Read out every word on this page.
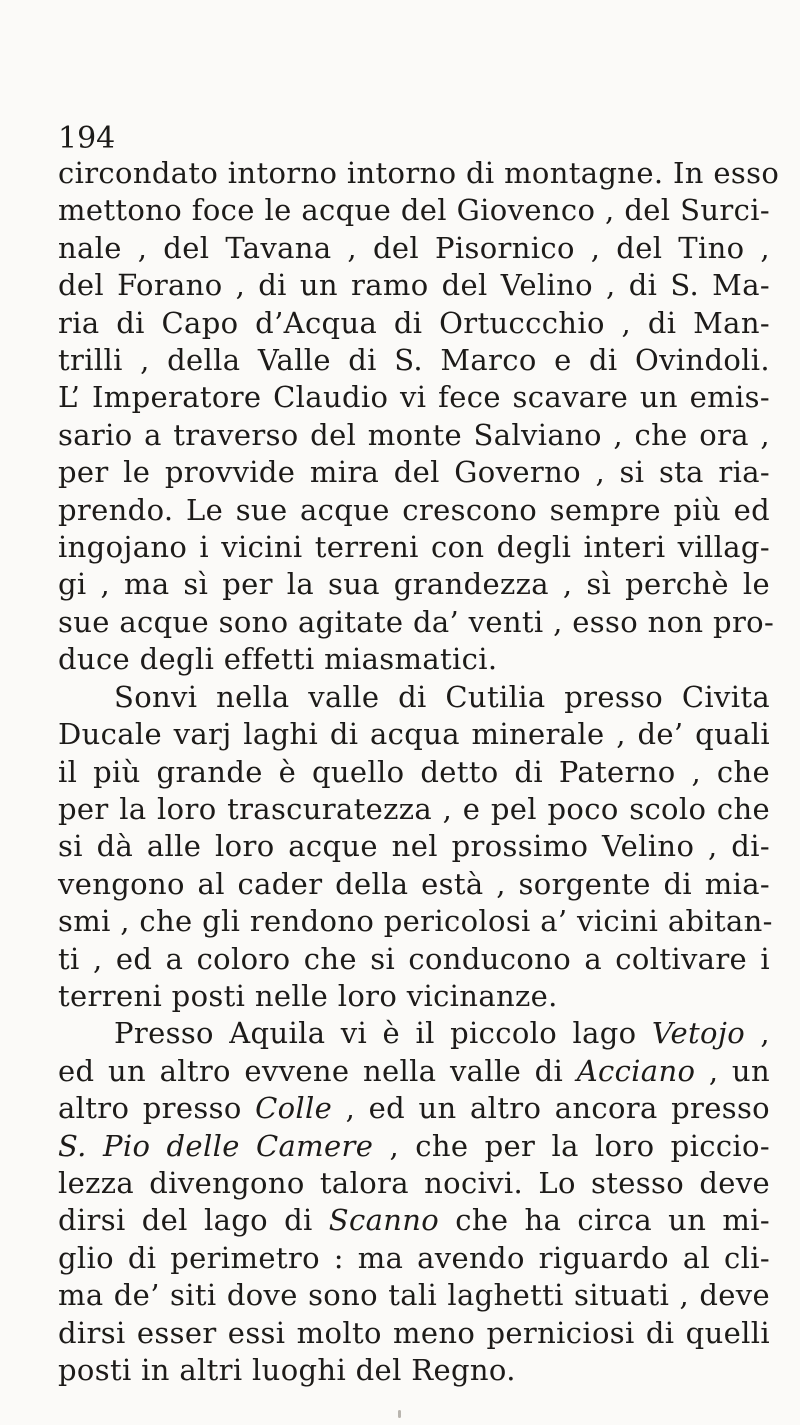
194
circondato intorno intorno di montagne. In esso
mettono foce le acque del Giovenco , del Surci-
nale , del Tavana , del Pisornico , del Tino ,
del Forano , di un ramo del Velino , di S. Ma-
ria di Capo d’Acqua di Ortuccchio , di Man-
trilli , della Valle di S. Marco e di Ovindoli.
L’ Imperatore Claudio vi fece scavare un emis-
sario a traverso del monte Salviano , che ora ,
per le provvide mira del Governo , si sta ria-
prendo. Le sue acque crescono sempre più ed
ingojano i vicini terreni con degli interi villag-
gi , ma sì per la sua grandezza , sì perchè le
sue acque sono agitate da’ venti , esso non pro-
duce degli effetti miasmatici.
Sonvi nella valle di Cutilia presso Civita
Ducale varj laghi di acqua minerale , de’ quali
il più grande è quello detto di Paterno , che
per la loro trascuratezza , e pel poco scolo che
si dà alle loro acque nel prossimo Velino , di-
vengono al cader della està , sorgente di mia-
smi , che gli rendono pericolosi a’ vicini abitan-
ti , ed a coloro che si conducono a coltivare i
terreni posti nelle loro vicinanze.
Presso Aquila vi è il piccolo lago Vetojo ,
ed un altro evvene nella valle di Acciano , un
altro presso Colle , ed un altro ancora presso
S. Pio delle Camere , che per la loro piccio-
lezza divengono talora nocivi. Lo stesso deve
dirsi del lago di Scanno che ha circa un mi-
glio di perimetro : ma avendo riguardo al cli-
ma de’ siti dove sono tali laghetti situati , deve
dirsi esser essi molto meno perniciosi di quelli
posti in altri luoghi del Regno.
